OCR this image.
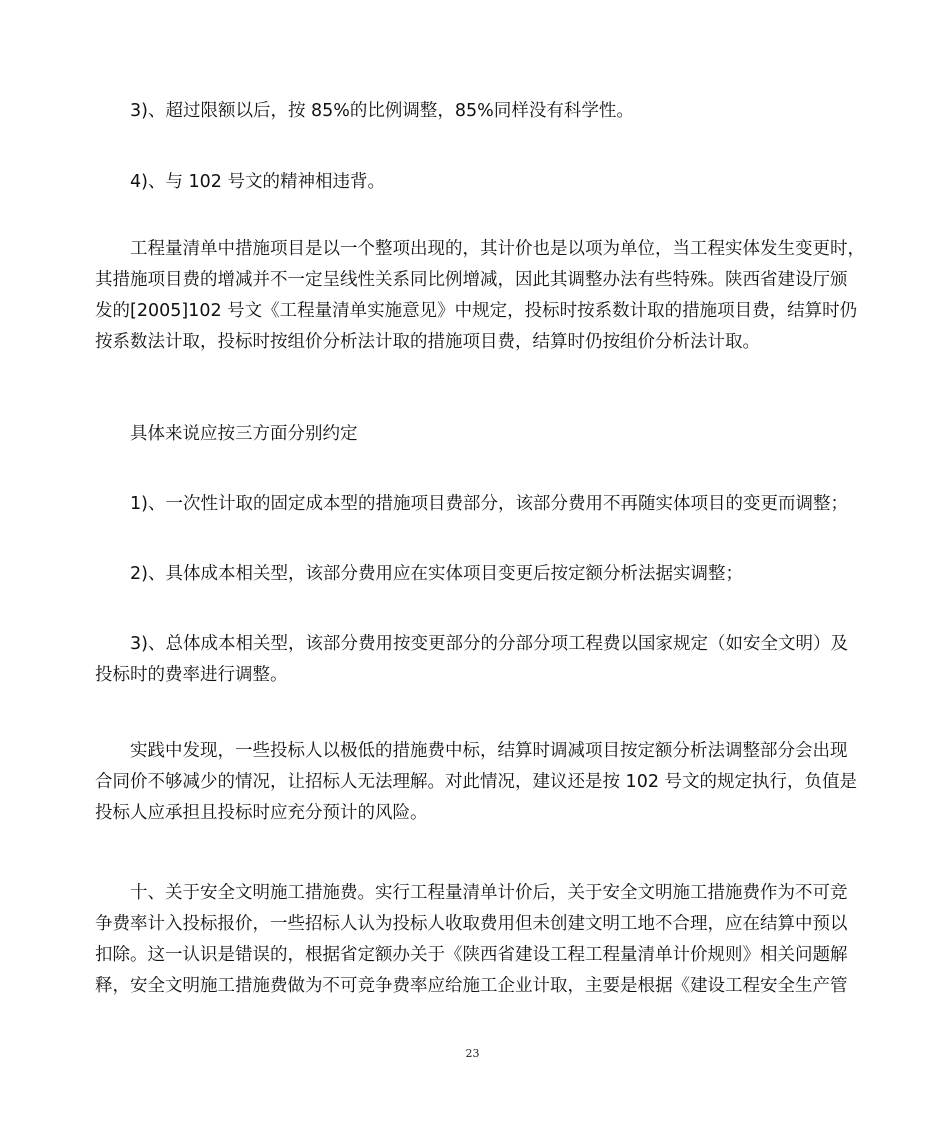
　　3)、超过限额以后，按 85%的比例调整，85%同样没有科学性。
　　4)、与 102 号文的精神相违背。
　　工程量清单中措施项目是以一个整项出现的，其计价也是以项为单位，当工程实体发生变更时，
其措施项目费的增减并不一定呈线性关系同比例增减，因此其调整办法有些特殊。陕西省建设厅颁
发的[2005]102 号文《工程量清单实施意见》中规定，投标时按系数计取的措施项目费，结算时仍
按系数法计取，投标时按组价分析法计取的措施项目费，结算时仍按组价分析法计取。
　　具体来说应按三方面分别约定
　　1)、一次性计取的固定成本型的措施项目费部分，该部分费用不再随实体项目的变更而调整；
　　2)、具体成本相关型，该部分费用应在实体项目变更后按定额分析法据实调整；
　　3)、总体成本相关型，该部分费用按变更部分的分部分项工程费以国家规定（如安全文明）及
投标时的费率进行调整。
　　实践中发现，一些投标人以极低的措施费中标，结算时调减项目按定额分析法调整部分会出现
合同价不够减少的情况，让招标人无法理解。对此情况，建议还是按 102 号文的规定执行，负值是
投标人应承担且投标时应充分预计的风险。
　　十、关于安全文明施工措施费。实行工程量清单计价后，关于安全文明施工措施费作为不可竞
争费率计入投标报价，一些招标人认为投标人收取费用但未创建文明工地不合理，应在结算中预以
扣除。这一认识是错误的，根据省定额办关于《陕西省建设工程工程量清单计价规则》相关问题解
释，安全文明施工措施费做为不可竞争费率应给施工企业计取，主要是根据《建设工程安全生产管
23
